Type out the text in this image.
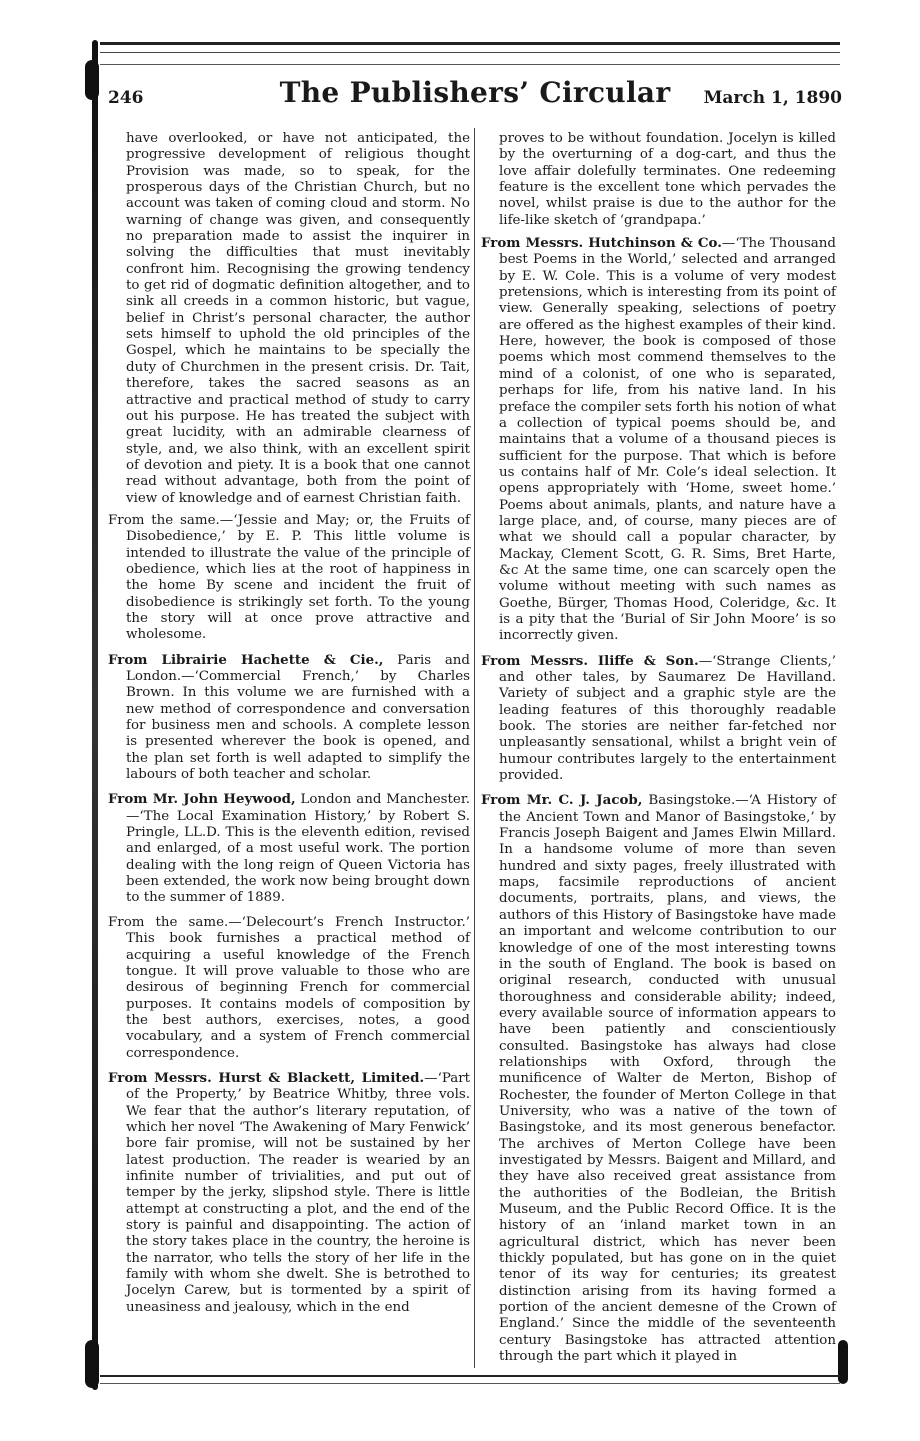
246	The Publishers’ Circular	March 1, 1890

have overlooked, or have not anticipated, the progressive development of religious thought Provision was made, so to speak, for the prosperous days of the Christian Church, but no account was taken of coming cloud and storm. No warning of change was given, and consequently no preparation made to assist the inquirer in solving the difficulties that must inevitably confront him. Recognising the growing tendency to get rid of dogmatic definition altogether, and to sink all creeds in a common historic, but vague, belief in Christ’s personal character, the author sets himself to uphold the old principles of the Gospel, which he maintains to be specially the duty of Churchmen in the present crisis. Dr. Tait, therefore, takes the sacred seasons as an attractive and practical method of study to carry out his purpose. He has treated the subject with great lucidity, with an admirable clearness of style, and, we also think, with an excellent spirit of devotion and piety. It is a book that one cannot read without advantage, both from the point of view of knowledge and of earnest Christian faith.

From the same.—‘Jessie and May; or, the Fruits of Disobedience,’ by E. P. This little volume is intended to illustrate the value of the principle of obedience, which lies at the root of happiness in the home By scene and incident the fruit of disobedience is strikingly set forth. To the young the story will at once prove attractive and wholesome.

From Librairie Hachette & Cie., Paris and London.—‘Commercial French,’ by Charles Brown. In this volume we are furnished with a new method of correspondence and conversation for business men and schools. A complete lesson is presented wherever the book is opened, and the plan set forth is well adapted to simplify the labours of both teacher and scholar.

From Mr. John Heywood, London and Manchester.—‘The Local Examination History,’ by Robert S. Pringle, LL.D. This is the eleventh edition, revised and enlarged, of a most useful work. The portion dealing with the long reign of Queen Victoria has been extended, the work now being brought down to the summer of 1889.

From the same.—‘Delecourt’s French Instructor.’ This book furnishes a practical method of acquiring a useful knowledge of the French tongue. It will prove valuable to those who are desirous of beginning French for commercial purposes. It contains models of composition by the best authors, exercises, notes, a good vocabulary, and a system of French commercial correspondence.

From Messrs. Hurst & Blackett, Limited.—‘Part of the Property,’ by Beatrice Whitby, three vols. We fear that the author’s literary reputation, of which her novel ‘The Awakening of Mary Fenwick’ bore fair promise, will not be sustained by her latest production. The reader is wearied by an infinite number of trivialities, and put out of temper by the jerky, slipshod style. There is little attempt at constructing a plot, and the end of the story is painful and disappointing. The action of the story takes place in the country, the heroine is the narrator, who tells the story of her life in the family with whom she dwelt. She is betrothed to Jocelyn Carew, but is tormented by a spirit of uneasiness and jealousy, which in the end

proves to be without foundation. Jocelyn is killed by the overturning of a dog-cart, and thus the love affair dolefully terminates. One redeeming feature is the excellent tone which pervades the novel, whilst praise is due to the author for the life-like sketch of ‘grandpapa.’

From Messrs. Hutchinson & Co.—‘The Thousand best Poems in the World,’ selected and arranged by E. W. Cole. This is a volume of very modest pretensions, which is interesting from its point of view. Generally speaking, selections of poetry are offered as the highest examples of their kind. Here, however, the book is composed of those poems which most commend themselves to the mind of a colonist, of one who is separated, perhaps for life, from his native land. In his preface the compiler sets forth his notion of what a collection of typical poems should be, and maintains that a volume of a thousand pieces is sufficient for the purpose. That which is before us contains half of Mr. Cole’s ideal selection. It opens appropriately with ‘Home, sweet home.’ Poems about animals, plants, and nature have a large place, and, of course, many pieces are of what we should call a popular character, by Mackay, Clement Scott, G. R. Sims, Bret Harte, &c At the same time, one can scarcely open the volume without meeting with such names as Goethe, Bürger, Thomas Hood, Coleridge, &c. It is a pity that the ‘Burial of Sir John Moore’ is so incorrectly given.

From Messrs. Iliffe & Son.—‘Strange Clients,’ and other tales, by Saumarez De Havilland. Variety of subject and a graphic style are the leading features of this thoroughly readable book. The stories are neither far-fetched nor unpleasantly sensational, whilst a bright vein of humour contributes largely to the entertainment provided.

From Mr. C. J. Jacob, Basingstoke.—‘A History of the Ancient Town and Manor of Basingstoke,’ by Francis Joseph Baigent and James Elwin Millard. In a handsome volume of more than seven hundred and sixty pages, freely illustrated with maps, facsimile reproductions of ancient documents, portraits, plans, and views, the authors of this History of Basingstoke have made an important and welcome contribution to our knowledge of one of the most interesting towns in the south of England. The book is based on original research, conducted with unusual thoroughness and considerable ability; indeed, every available source of information appears to have been patiently and conscientiously consulted. Basingstoke has always had close relationships with Oxford, through the munificence of Walter de Merton, Bishop of Rochester, the founder of Merton College in that University, who was a native of the town of Basingstoke, and its most generous benefactor. The archives of Merton College have been investigated by Messrs. Baigent and Millard, and they have also received great assistance from the authorities of the Bodleian, the British Museum, and the Public Record Office. It is the history of an ‘inland market town in an agricultural district, which has never been thickly populated, but has gone on in the quiet tenor of its way for centuries; its greatest distinction arising from its having formed a portion of the ancient demesne of the Crown of England.’ Since the middle of the seventeenth century Basingstoke has attracted attention through the part which it played in
